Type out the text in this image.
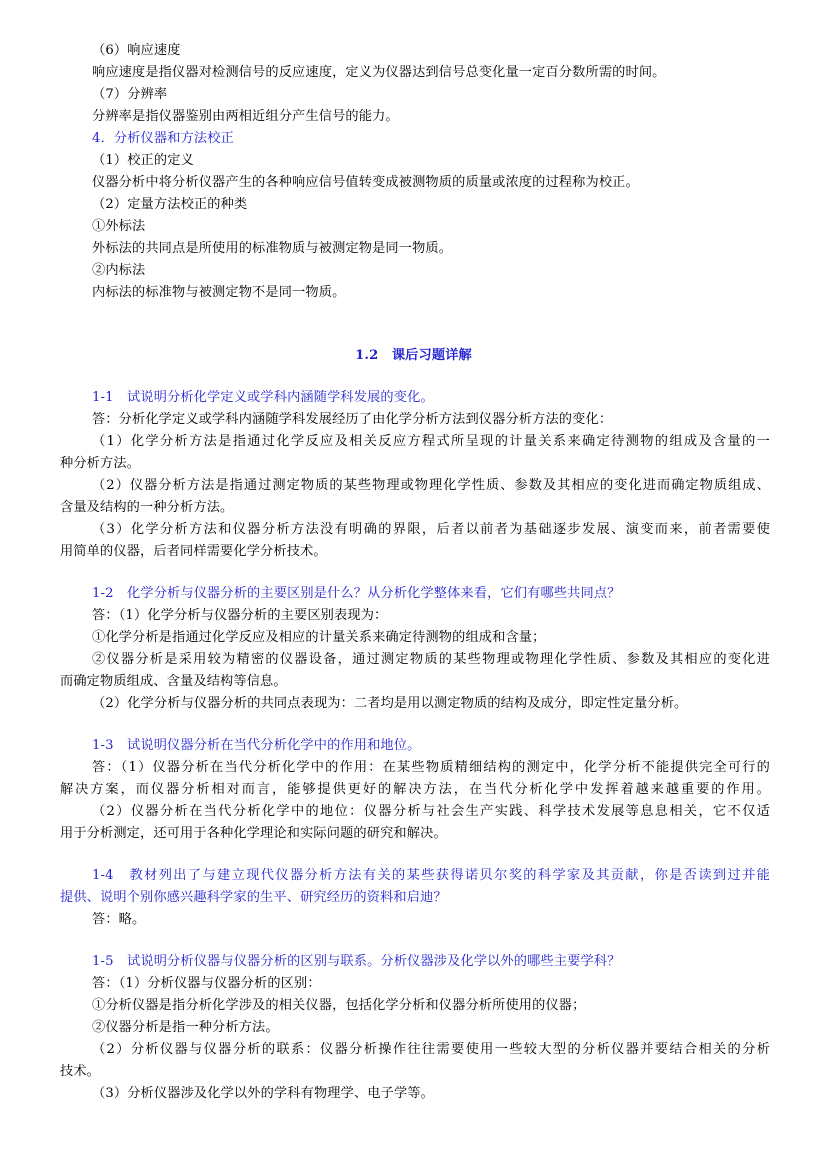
（6）响应速度
响应速度是指仪器对检测信号的反应速度，定义为仪器达到信号总变化量一定百分数所需的时间。
（7）分辨率
分辨率是指仪器鉴别由两相近组分产生信号的能力。
4．分析仪器和方法校正
（1）校正的定义
仪器分析中将分析仪器产生的各种响应信号值转变成被测物质的质量或浓度的过程称为校正。
（2）定量方法校正的种类
①外标法
外标法的共同点是所使用的标准物质与被测定物是同一物质。
②内标法
内标法的标准物与被测定物不是同一物质。
1.2　课后习题详解
1-1　试说明分析化学定义或学科内涵随学科发展的变化。
答：分析化学定义或学科内涵随学科发展经历了由化学分析方法到仪器分析方法的变化：
（1）化学分析方法是指通过化学反应及相关反应方程式所呈现的计量关系来确定待测物的组成及含量的一
种分析方法。
（2）仪器分析方法是指通过测定物质的某些物理或物理化学性质、参数及其相应的变化进而确定物质组成、
含量及结构的一种分析方法。
（3）化学分析方法和仪器分析方法没有明确的界限，后者以前者为基础逐步发展、演变而来，前者需要使
用简单的仪器，后者同样需要化学分析技术。
1-2　化学分析与仪器分析的主要区别是什么？从分析化学整体来看，它们有哪些共同点？
答：（1）化学分析与仪器分析的主要区别表现为：
①化学分析是指通过化学反应及相应的计量关系来确定待测物的组成和含量；
②仪器分析是采用较为精密的仪器设备，通过测定物质的某些物理或物理化学性质、参数及其相应的变化进
而确定物质组成、含量及结构等信息。
（2）化学分析与仪器分析的共同点表现为：二者均是用以测定物质的结构及成分，即定性定量分析。
1-3　试说明仪器分析在当代分析化学中的作用和地位。
答：（1）仪器分析在当代分析化学中的作用：在某些物质精细结构的测定中，化学分析不能提供完全可行的
解决方案，而仪器分析相对而言，能够提供更好的解决方法，在当代分析化学中发挥着越来越重要的作用。
（2）仪器分析在当代分析化学中的地位：仪器分析与社会生产实践、科学技术发展等息息相关，它不仅适
用于分析测定，还可用于各种化学理论和实际问题的研究和解决。
1-4　教材列出了与建立现代仪器分析方法有关的某些获得诺贝尔奖的科学家及其贡献，你是否读到过并能
提供、说明个别你感兴趣科学家的生平、研究经历的资料和启迪？
答：略。
1-5　试说明分析仪器与仪器分析的区别与联系。分析仪器涉及化学以外的哪些主要学科？
答：（1）分析仪器与仪器分析的区别：
①分析仪器是指分析化学涉及的相关仪器，包括化学分析和仪器分析所使用的仪器；
②仪器分析是指一种分析方法。
（2）分析仪器与仪器分析的联系：仪器分析操作往往需要使用一些较大型的分析仪器并要结合相关的分析
技术。
（3）分析仪器涉及化学以外的学科有物理学、电子学等。
